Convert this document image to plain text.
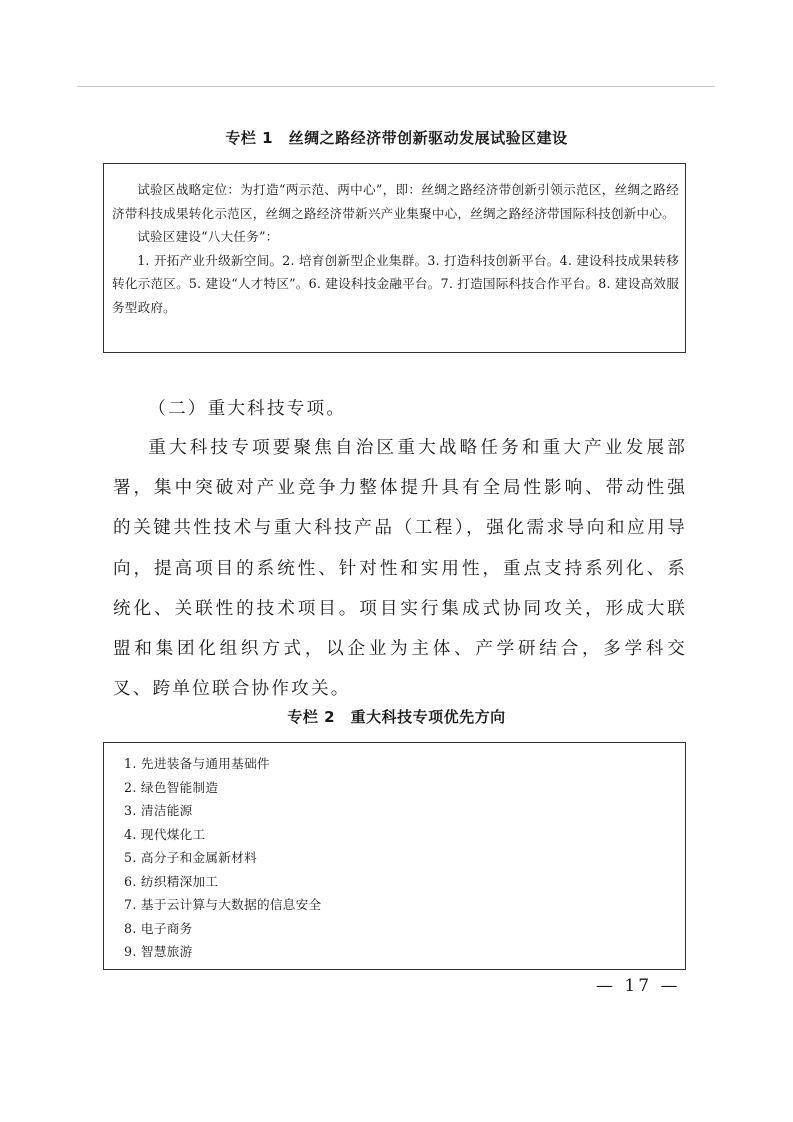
专栏 1　丝绸之路经济带创新驱动发展试验区建设

试验区战略定位：为打造“两示范、两中心”，即：丝绸之路经济带创新引领示范区，丝绸之路经济带科技成果转化示范区，丝绸之路经济带新兴产业集聚中心，丝绸之路经济带国际科技创新中心。

试验区建设“八大任务”：

1. 开拓产业升级新空间。2. 培育创新型企业集群。3. 打造科技创新平台。4. 建设科技成果转移转化示范区。5. 建设“人才特区”。6. 建设科技金融平台。7. 打造国际科技合作平台。8. 建设高效服务型政府。

（二）重大科技专项。

重大科技专项要聚焦自治区重大战略任务和重大产业发展部署，集中突破对产业竞争力整体提升具有全局性影响、带动性强的关键共性技术与重大科技产品（工程），强化需求导向和应用导向，提高项目的系统性、针对性和实用性，重点支持系列化、系统化、关联性的技术项目。项目实行集成式协同攻关，形成大联盟和集团化组织方式，以企业为主体、产学研结合，多学科交叉、跨单位联合协作攻关。

专栏 2　重大科技专项优先方向
1. 先进装备与通用基础件
2. 绿色智能制造
3. 清洁能源
4. 现代煤化工
5. 高分子和金属新材料
6. 纺织精深加工
7. 基于云计算与大数据的信息安全
8. 电子商务
9. 智慧旅游
— 17 —
